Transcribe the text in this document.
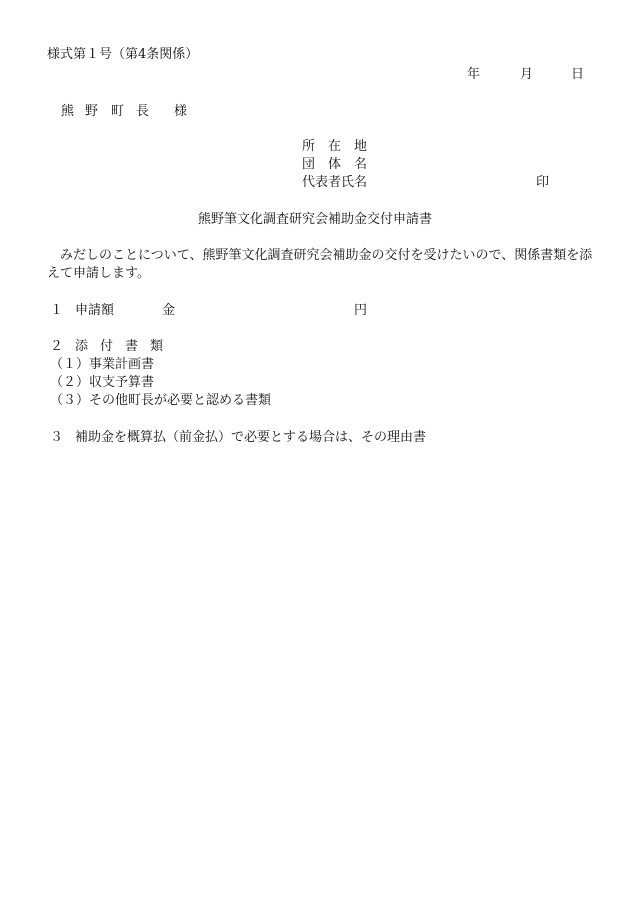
様式第１号（第4条関係）
年	月	日
熊 野 町 長 様
所 在 地
団 体 名
代表者氏名	印
熊野筆文化調査研究会補助金交付申請書
みだしのことについて、熊野筆文化調査研究会補助金の交付を受けたいので、関係書類を添
えて申請します。
１ 申請額	金	円
２ 添 付 書 類
（１）事業計画書
（２）収支予算書
（３）その他町長が必要と認める書類
３ 補助金を概算払（前金払）で必要とする場合は、その理由書
